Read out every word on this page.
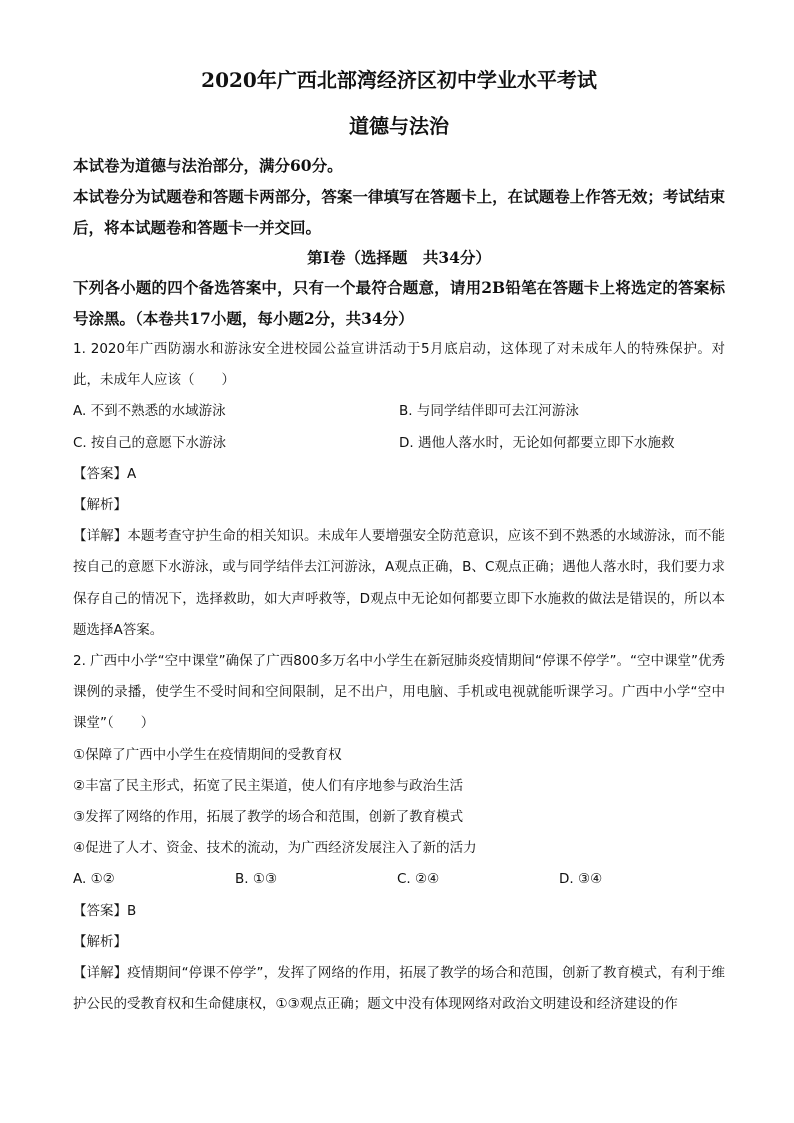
2020年广西北部湾经济区初中学业水平考试
道德与法治
本试卷为道德与法治部分，满分60分。
本试卷分为试题卷和答题卡两部分，答案一律填写在答题卡上，在试题卷上作答无效；考试结束后，将本试题卷和答题卡一并交回。
第Ⅰ卷（选择题　共34分）
下列各小题的四个备选答案中，只有一个最符合题意，请用2B铅笔在答题卡上将选定的答案标号涂黑。（本卷共17小题，每小题2分，共34分）
1. 2020年广西防溺水和游泳安全进校园公益宣讲活动于5月底启动，这体现了对未成年人的特殊保护。对此，未成年人应该（　　）
A. 不到不熟悉的水域游泳	B. 与同学结伴即可去江河游泳
C. 按自己的意愿下水游泳	D. 遇他人落水时，无论如何都要立即下水施救
【答案】A
【解析】
【详解】本题考查守护生命的相关知识。未成年人要增强安全防范意识，应该不到不熟悉的水域游泳，而不能按自己的意愿下水游泳，或与同学结伴去江河游泳，A观点正确，B、C观点正确；遇他人落水时，我们要力求保存自己的情况下，选择救助，如大声呼救等，D观点中无论如何都要立即下水施救的做法是错误的，所以本题选择A答案。
2. 广西中小学“空中课堂”确保了广西800多万名中小学生在新冠肺炎疫情期间“停课不停学”。“空中课堂”优秀课例的录播，使学生不受时间和空间限制，足不出户，用电脑、手机或电视就能听课学习。广西中小学“空中课堂”（　　）
①保障了广西中小学生在疫情期间的受教育权
②丰富了民主形式，拓宽了民主渠道，使人们有序地参与政治生活
③发挥了网络的作用，拓展了教学的场合和范围，创新了教育模式
④促进了人才、资金、技术的流动，为广西经济发展注入了新的活力
A. ①②	B. ①③	C. ②④	D. ③④
【答案】B
【解析】
【详解】疫情期间“停课不停学”，发挥了网络的作用，拓展了教学的场合和范围，创新了教育模式，有利于维护公民的受教育权和生命健康权，①③观点正确；题文中没有体现网络对政治文明建设和经济建设的作
